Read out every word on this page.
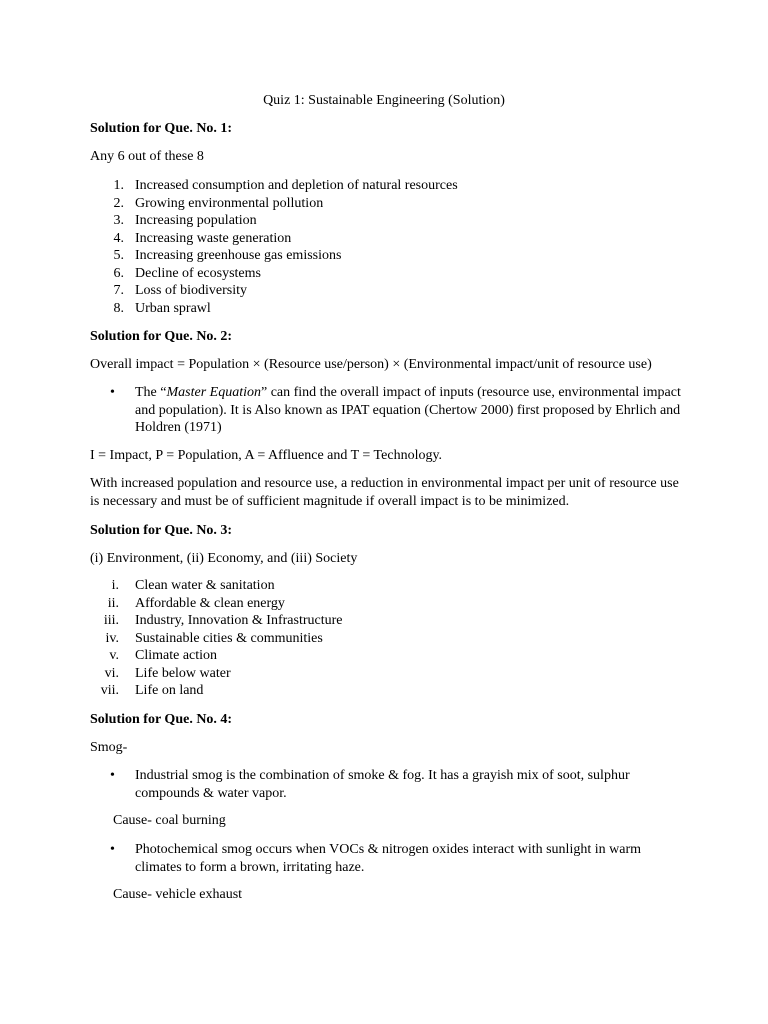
Quiz 1: Sustainable Engineering (Solution)
Solution for Que. No. 1:
Any 6 out of these 8
1. Increased consumption and depletion of natural resources
2. Growing environmental pollution
3. Increasing population
4. Increasing waste generation
5. Increasing greenhouse gas emissions
6. Decline of ecosystems
7. Loss of biodiversity
8. Urban sprawl
Solution for Que. No. 2:
Overall impact = Population × (Resource use/person) × (Environmental impact/unit of resource use)
• The “Master Equation” can find the overall impact of inputs (resource use, environmental impact
and population). It is Also known as IPAT equation (Chertow 2000) first proposed by Ehrlich and
Holdren (1971)
I = Impact, P = Population, A = Affluence and T = Technology.
With increased population and resource use, a reduction in environmental impact per unit of resource use
is necessary and must be of sufficient magnitude if overall impact is to be minimized.
Solution for Que. No. 3:
(i) Environment, (ii) Economy, and (iii) Society
i. Clean water & sanitation
ii. Affordable & clean energy
iii. Industry, Innovation & Infrastructure
iv. Sustainable cities & communities
v. Climate action
vi. Life below water
vii. Life on land
Solution for Que. No. 4:
Smog-
• Industrial smog is the combination of smoke & fog. It has a grayish mix of soot, sulphur
compounds & water vapor.
Cause- coal burning
• Photochemical smog occurs when VOCs & nitrogen oxides interact with sunlight in warm
climates to form a brown, irritating haze.
Cause- vehicle exhaust
